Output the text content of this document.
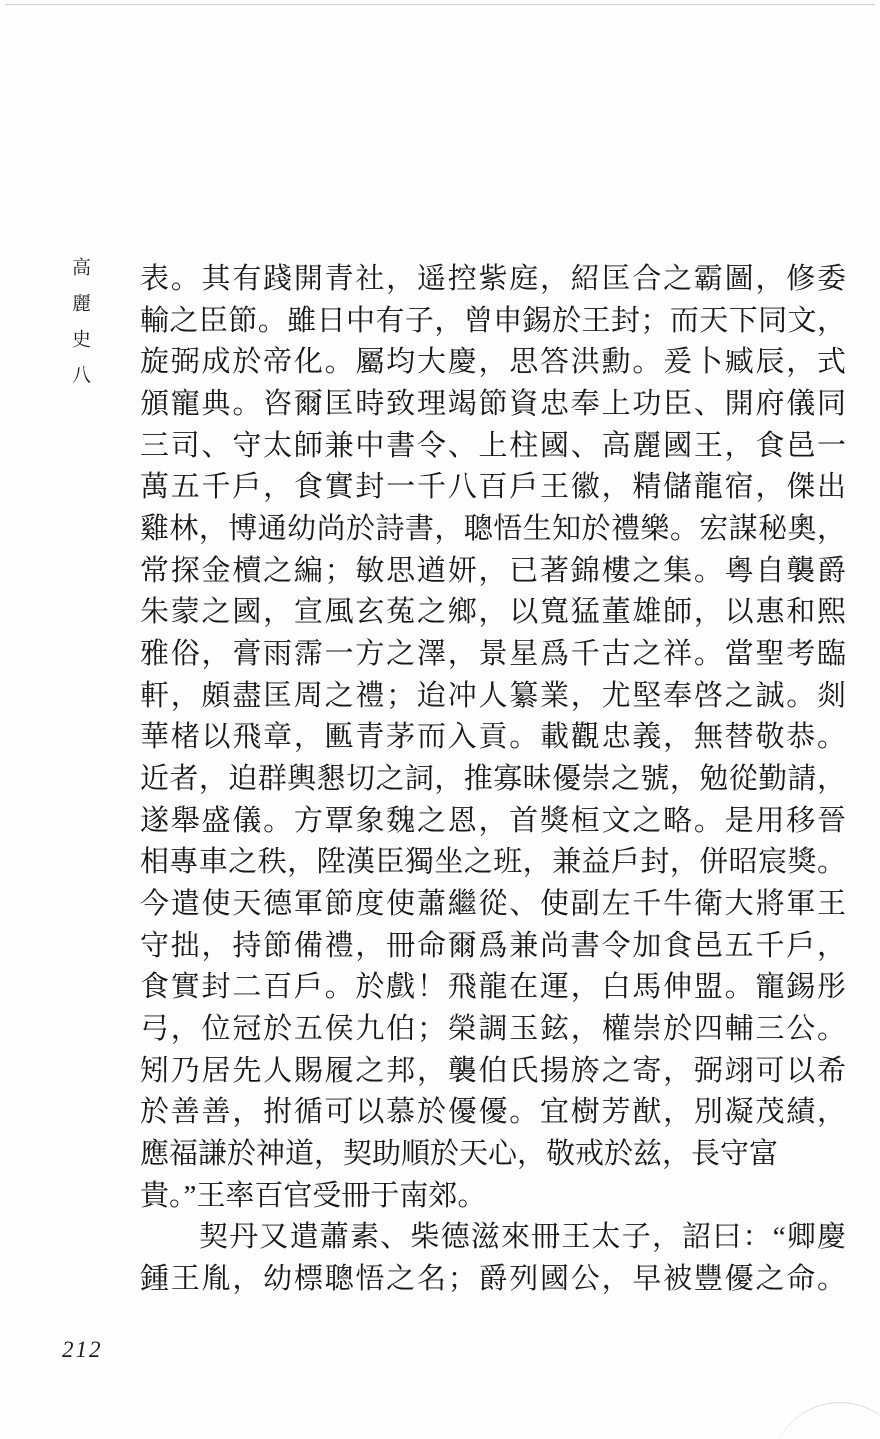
高麗史八 表。其有踐開青社，遥控紫庭，紹匡合之霸圖，修委
輸之臣節。雖日中有子，曾申錫於王封；而天下同文，
旋弼成於帝化。屬均大慶，思答洪勳。爰卜臧辰，式
頒寵典。咨爾匡時致理竭節資忠奉上功臣、開府儀同
三司、守太師兼中書令、上柱國、高麗國王，食邑一
萬五千戶，食實封一千八百戶王徽，精儲龍宿，傑出
雞林，博通幼尚於詩書，聰悟生知於禮樂。宏謀秘奧，
常探金櫝之編；敏思遒妍，已著錦樓之集。粵自襲爵
朱蒙之國，宣風玄菟之鄉，以寬猛董雄師，以惠和熙
雅俗，膏雨霈一方之澤，景星爲千古之祥。當聖考臨
軒，頗盡匡周之禮；迨冲人纂業，尤堅奉啓之誠。剡
華楮以飛章，匭青茅而入貢。載觀忠義，無替敬恭。
近者，迫群輿懇切之詞，推寡昧優崇之號，勉從勤請，
遂舉盛儀。方覃象魏之恩，首獎桓文之略。是用移晉
相專車之秩，陞漢臣獨坐之班，兼益戶封，併昭宸獎。
今遣使天德軍節度使蕭繼從、使副左千牛衛大將軍王
守拙，持節備禮，冊命爾爲兼尚書令加食邑五千戶，
食實封二百戶。於戲！飛龍在運，白馬伸盟。寵錫彤
弓，位冠於五侯九伯；榮調玉鉉，權崇於四輔三公。
矧乃居先人賜履之邦，襲伯氏揚旍之寄，弼翊可以希
於善善，拊循可以慕於優優。宜樹芳猷，別凝茂績，
應福謙於神道，契助順於天心，敬戒於兹，長守富
貴。”王率百官受冊于南郊。
契丹又遣蕭素、柴德滋來冊王太子，詔曰：“卿慶
鍾王胤，幼標聰悟之名；爵列國公，早被豐優之命。
212
